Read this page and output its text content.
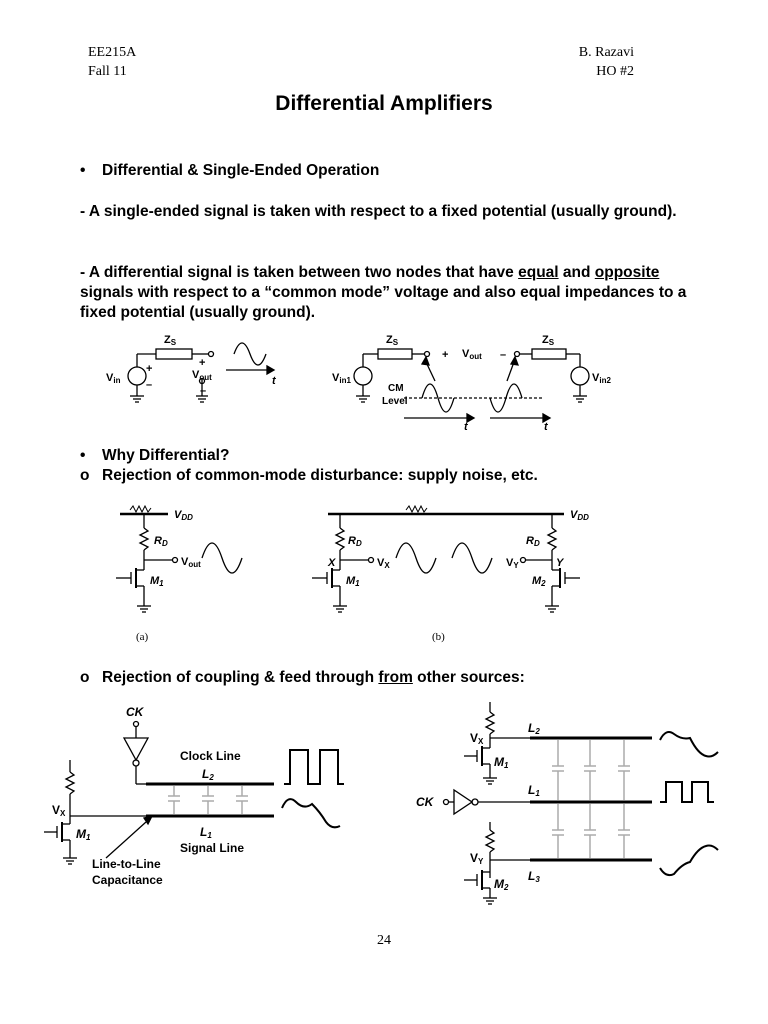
EE215A
Fall 11
B. Razavi
HO #2
Differential Amplifiers
• Differential & Single-Ended Operation
- A single-ended signal is taken with respect to a fixed potential (usually ground).
- A differential signal is taken between two nodes that have equal and opposite signals with respect to a “common mode” voltage and also equal impedances to a fixed potential (usually ground).
Vin
+
–
ZS
+
Vout
–
t	Vin1
ZS	ZS
+ Vout –
Vin2
CM
Level
t	t
• Why Differential?
o Rejection of common-mode disturbance: supply noise, etc.
VDD
RD
Vout
M1
VDD
RD	RD
X	VX	VY	Y
M1	M2
(a)	(b)
o Rejection of coupling & feed through from other sources:
CK
Clock Line
L2
L1
Signal Line
VX
M1
Line-to-Line
Capacitance
VX
L2
M1
CK
L1
VY
L3
M2
24
